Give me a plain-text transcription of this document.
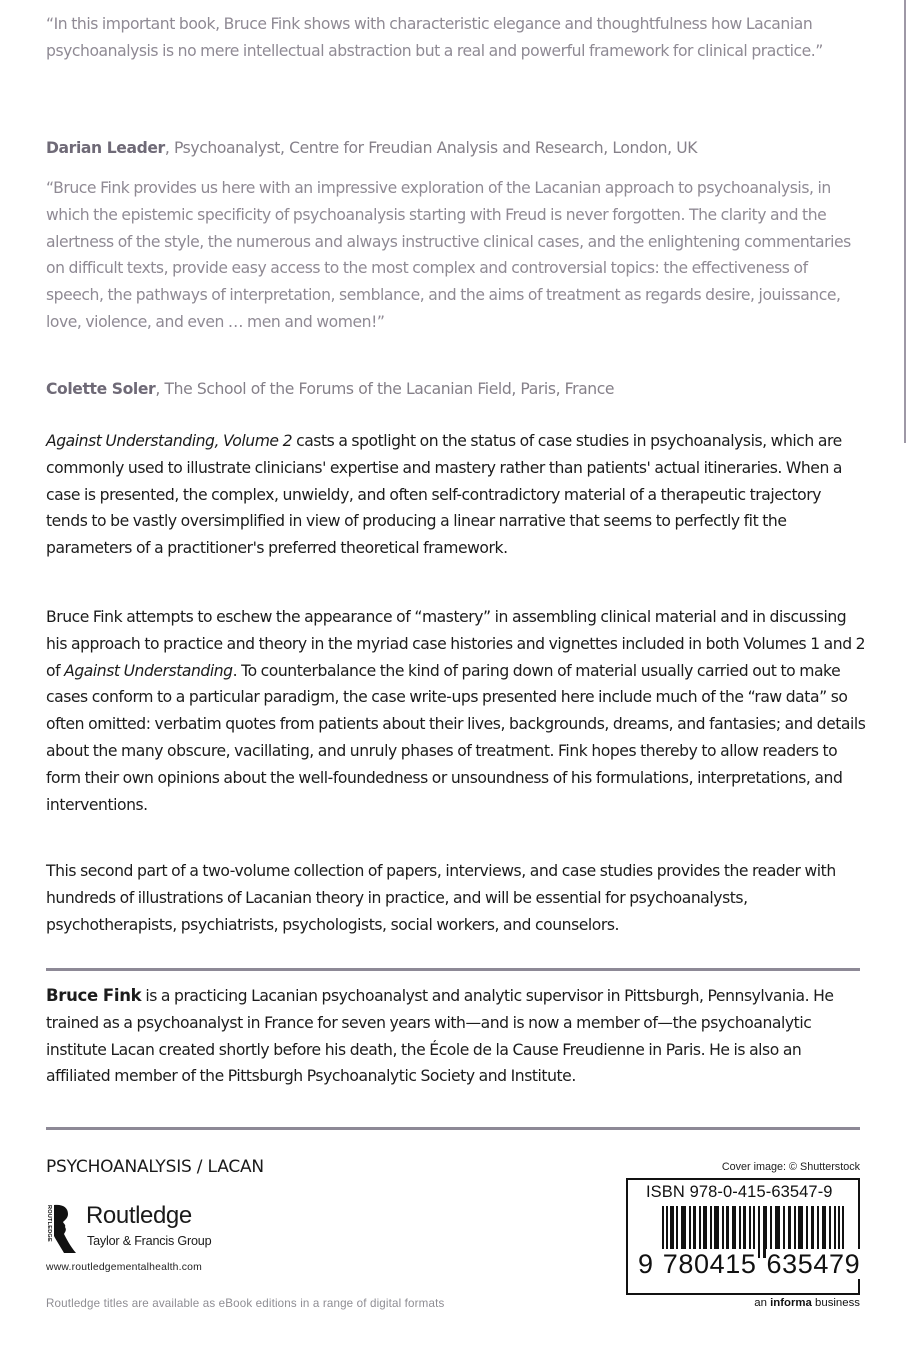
“In this important book, Bruce Fink shows with characteristic elegance and thoughtfulness how Lacanian psychoanalysis is no mere intellectual abstraction but a real and powerful framework for clinical practice.”

Darian Leader, Psychoanalyst, Centre for Freudian Analysis and Research, London, UK

“Bruce Fink provides us here with an impressive exploration of the Lacanian approach to psychoanalysis, in which the epistemic specificity of psychoanalysis starting with Freud is never forgotten. The clarity and the alertness of the style, the numerous and always instructive clinical cases, and the enlightening commentaries on difficult texts, provide easy access to the most complex and controversial topics: the effectiveness of speech, the pathways of interpretation, semblance, and the aims of treatment as regards desire, jouissance, love, violence, and even … men and women!”

Colette Soler, The School of the Forums of the Lacanian Field, Paris, France

Against Understanding, Volume 2 casts a spotlight on the status of case studies in psychoanalysis, which are commonly used to illustrate clinicians' expertise and mastery rather than patients' actual itineraries. When a case is presented, the complex, unwieldy, and often self-contradictory material of a therapeutic trajectory tends to be vastly oversimplified in view of producing a linear narrative that seems to perfectly fit the parameters of a practitioner's preferred theoretical framework.

Bruce Fink attempts to eschew the appearance of “mastery” in assembling clinical material and in discussing his approach to practice and theory in the myriad case histories and vignettes included in both Volumes 1 and 2 of Against Understanding. To counterbalance the kind of paring down of material usually carried out to make cases conform to a particular paradigm, the case write-ups presented here include much of the “raw data” so often omitted: verbatim quotes from patients about their lives, backgrounds, dreams, and fantasies; and details about the many obscure, vacillating, and unruly phases of treatment. Fink hopes thereby to allow readers to form their own opinions about the well-foundedness or unsoundness of his formulations, interpretations, and interventions.

This second part of a two-volume collection of papers, interviews, and case studies provides the reader with hundreds of illustrations of Lacanian theory in practice, and will be essential for psychoanalysts, psychotherapists, psychiatrists, psychologists, social workers, and counselors.

Bruce Fink is a practicing Lacanian psychoanalyst and analytic supervisor in Pittsburgh, Pennsylvania. He trained as a psychoanalyst in France for seven years with—and is now a member of—the psychoanalytic institute Lacan created shortly before his death, the École de la Cause Freudienne in Paris. He is also an affiliated member of the Pittsburgh Psychoanalytic Society and Institute.

PSYCHOANALYSIS / LACAN
ROUTLEDGE Routledge
Taylor & Francis Group
www.routledgementalhealth.com
Routledge titles are available as eBook editions in a range of digital formats
Cover image: © Shutterstock
ISBN 978-0-415-63547-9
9 780415 635479
an informa business
